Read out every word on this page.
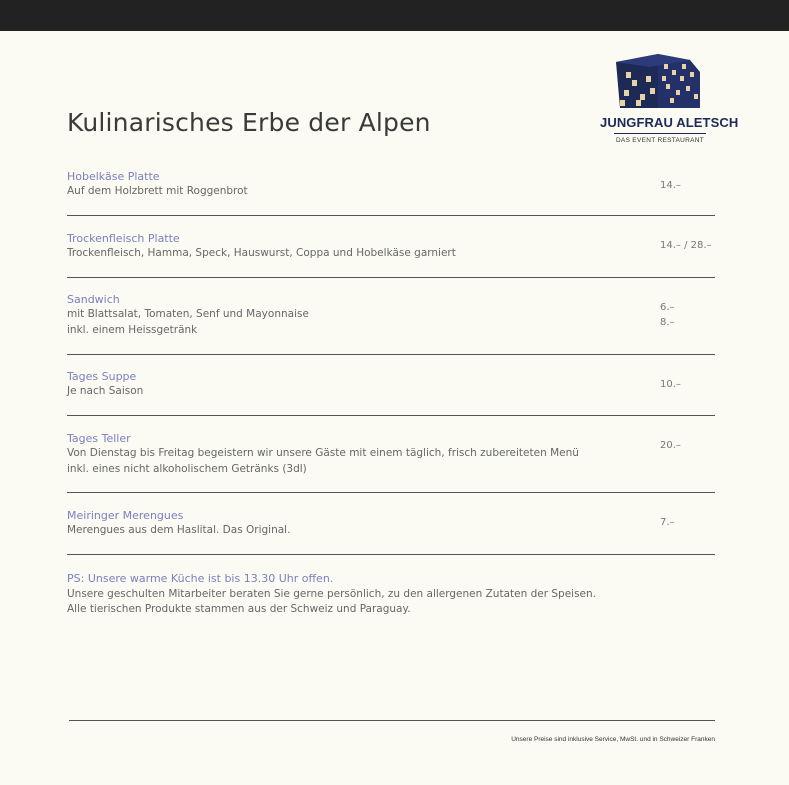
Kulinarisches Erbe der Alpen	JUNGFRAU ALETSCH
DAS EVENT RESTAURANT
Hobelkäse Platte
Auf dem Holzbrett mit Roggenbrot	14.–
Trockenfleisch Platte
Trockenfleisch, Hamma, Speck, Hauswurst, Coppa und Hobelkäse garniert
14.– / 28.–
Sandwich
mit Blattsalat, Tomaten, Senf und Mayonnaise
inkl. einem Heissgetränk
6.–
8.–
Tages Suppe
Je nach Saison
10.–
Tages Teller
Von Dienstag bis Freitag begeistern wir unsere Gäste mit einem täglich, frisch zubereiteten Menü
inkl. eines nicht alkoholischem Getränks (3dl)
20.–
Meiringer Merengues
Merengues aus dem Haslital. Das Original.
7.–
PS: Unsere warme Küche ist bis 13.30 Uhr offen.
Unsere geschulten Mitarbeiter beraten Sie gerne persönlich, zu den allergenen Zutaten der Speisen.
Alle tierischen Produkte stammen aus der Schweiz und Paraguay.
Unsere Preise sind inklusive Service, MwSt. und in Schweizer Franken
